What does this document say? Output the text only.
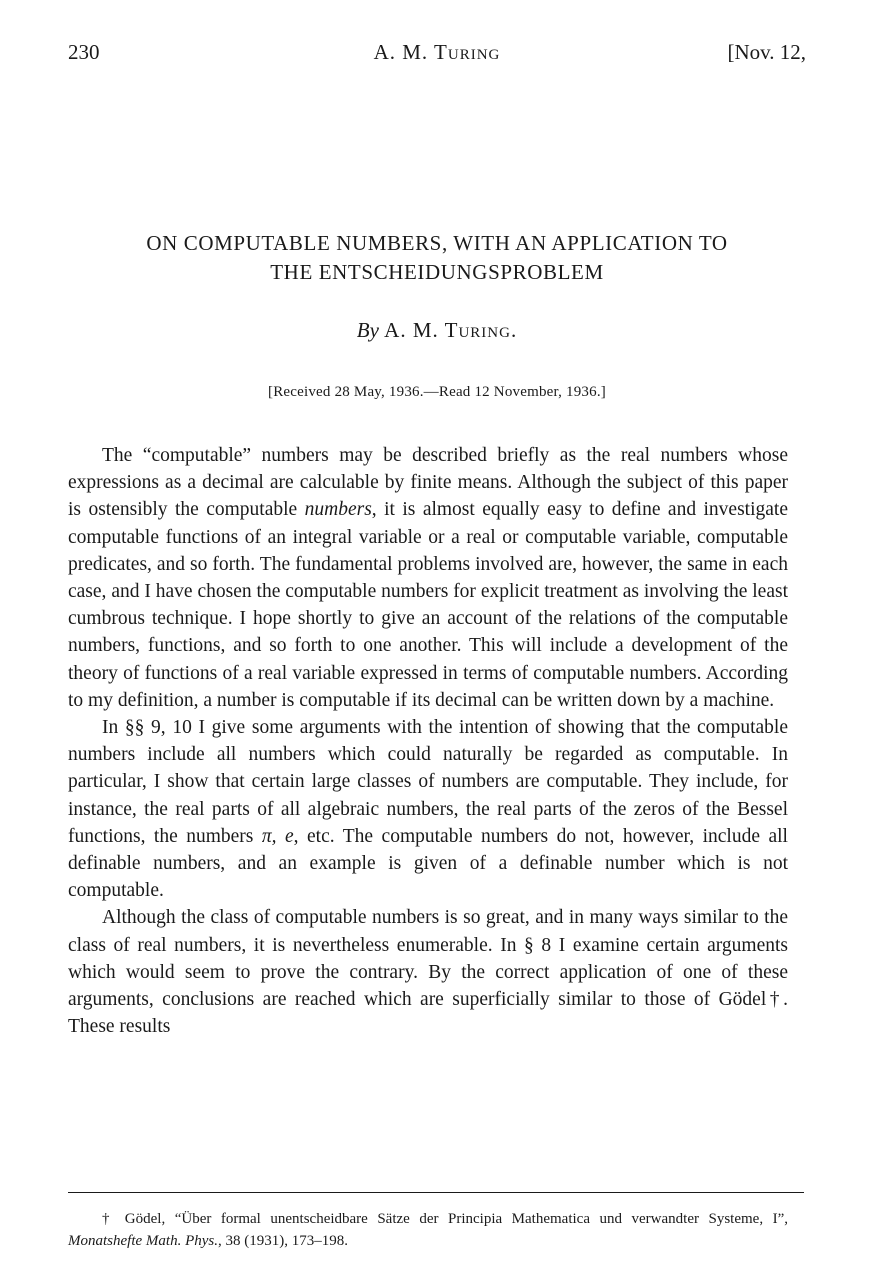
230	A. M. Turing	[Nov. 12,
ON COMPUTABLE NUMBERS, WITH AN APPLICATION TO
THE ENTSCHEIDUNGSPROBLEM
By A. M. Turing.
[Received 28 May, 1936.—Read 12 November, 1936.]

The “computable” numbers may be described briefly as the real numbers whose expressions as a decimal are calculable by finite means. Although the subject of this paper is ostensibly the computable numbers, it is almost equally easy to define and investigate computable functions of an integral variable or a real or computable variable, computable predicates, and so forth. The fundamental problems involved are, however, the same in each case, and I have chosen the computable numbers for explicit treatment as involving the least cumbrous technique. I hope shortly to give an account of the relations of the computable numbers, functions, and so forth to one another. This will include a development of the theory of functions of a real variable expressed in terms of computable numbers. According to my definition, a number is computable if its decimal can be written down by a machine.

In §§ 9, 10 I give some arguments with the intention of showing that the computable numbers include all numbers which could naturally be regarded as computable. In particular, I show that certain large classes of numbers are computable. They include, for instance, the real parts of all algebraic numbers, the real parts of the zeros of the Bessel functions, the numbers π, e, etc. The computable numbers do not, however, include all definable numbers, and an example is given of a definable number which is not computable.

Although the class of computable numbers is so great, and in many ways similar to the class of real numbers, it is nevertheless enumerable. In § 8 I examine certain arguments which would seem to prove the contrary. By the correct application of one of these arguments, conclusions are reached which are superficially similar to those of Gödel†. These results

† Gödel, “Über formal unentscheidbare Sätze der Principia Mathematica und verwandter Systeme, I”, Monatshefte Math. Phys., 38 (1931), 173–198.
